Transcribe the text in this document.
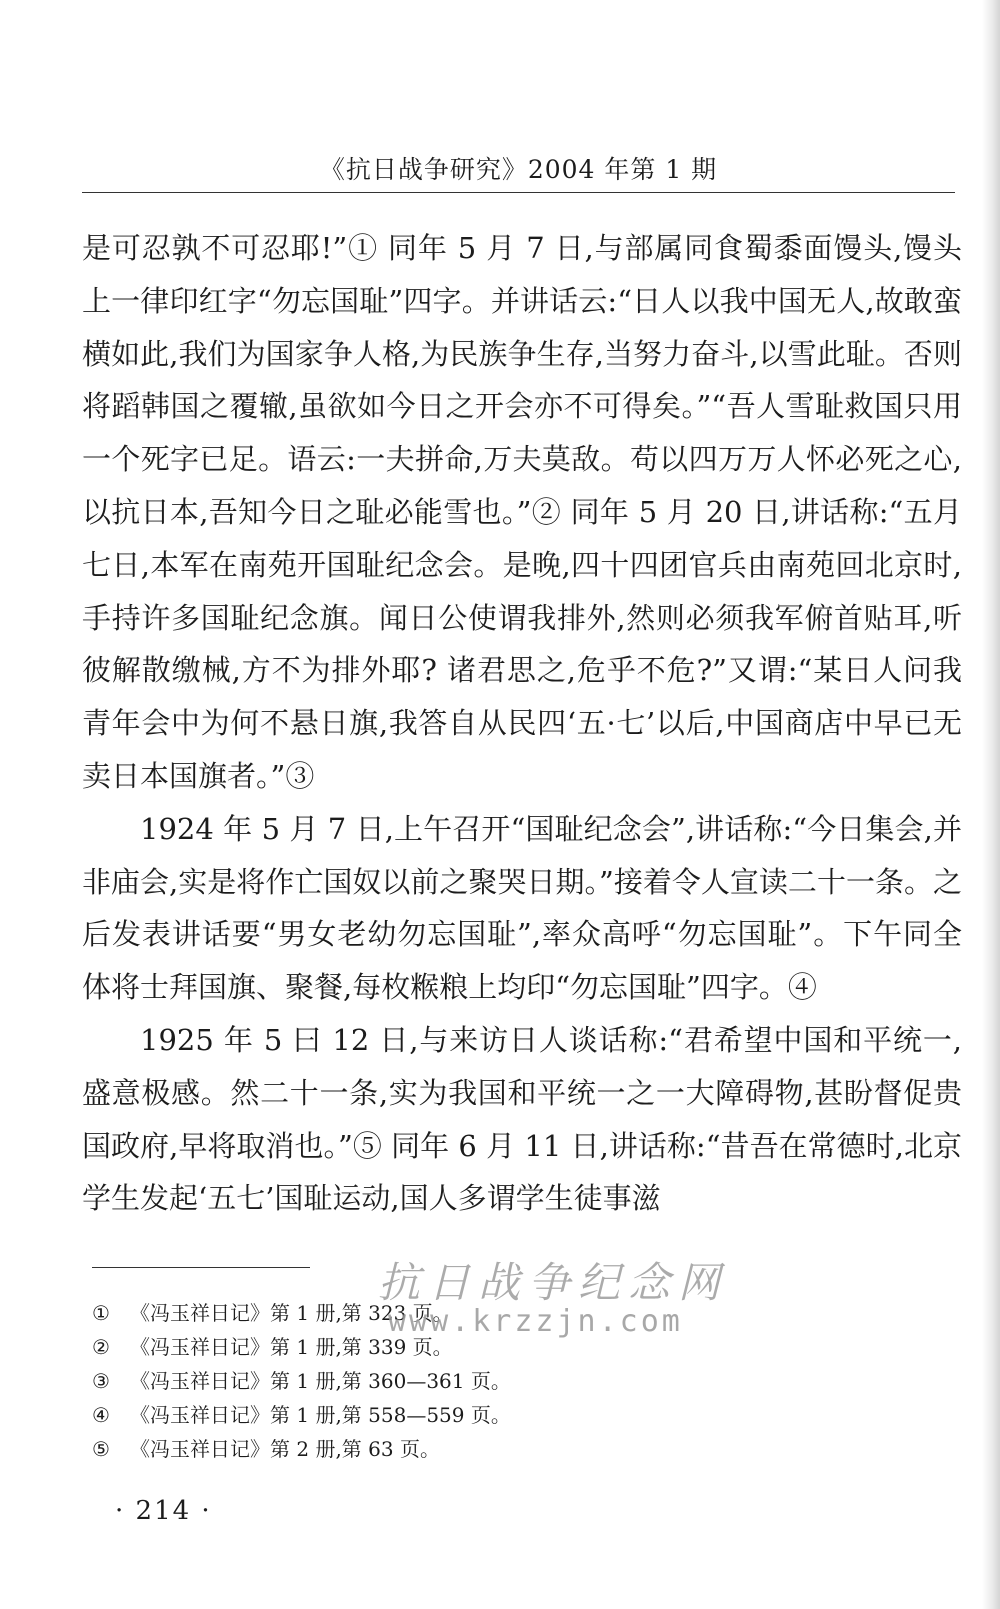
《抗日战争研究》2004 年第 1 期

是可忍孰不可忍耶!”① 同年 5 月 7 日,与部属同食蜀黍面馒头,馒头上一律印红字“勿忘国耻”四字。并讲话云:“日人以我中国无人,故敢蛮横如此,我们为国家争人格,为民族争生存,当努力奋斗,以雪此耻。否则将蹈韩国之覆辙,虽欲如今日之开会亦不可得矣。”“吾人雪耻救国只用一个死字已足。语云:一夫拼命,万夫莫敌。苟以四万万人怀必死之心,以抗日本,吾知今日之耻必能雪也。”② 同年 5 月 20 日,讲话称:“五月七日,本军在南苑开国耻纪念会。是晚,四十四团官兵由南苑回北京时,手持许多国耻纪念旗。闻日公使谓我排外,然则必须我军俯首贴耳,听彼解散缴械,方不为排外耶? 诸君思之,危乎不危?”又谓:“某日人问我青年会中为何不悬日旗,我答自从民四‘五·七’以后,中国商店中早已无卖日本国旗者。”③

1924 年 5 月 7 日,上午召开“国耻纪念会”,讲话称:“今日集会,并非庙会,实是将作亡国奴以前之聚哭日期。”接着令人宣读二十一条。之后发表讲话要“男女老幼勿忘国耻”,率众高呼“勿忘国耻”。下午同全体将士拜国旗、聚餐,每枚糇粮上均印“勿忘国耻”四字。④

1925 年 5 曰 12 日,与来访日人谈话称:“君希望中国和平统一,盛意极感。然二十一条,实为我国和平统一之一大障碍物,甚盼督促贵国政府,早将取消也。”⑤ 同年 6 月 11 日,讲话称:“昔吾在常德时,北京学生发起‘五七’国耻运动,国人多谓学生徒事滋

①	《冯玉祥日记》第 1 册,第 323 页。
②	《冯玉祥日记》第 1 册,第 339 页。
③	《冯玉祥日记》第 1 册,第 360—361 页。
④	《冯玉祥日记》第 1 册,第 558—559 页。
⑤	《冯玉祥日记》第 2 册,第 63 页。
抗日战争纪念网
www.krzzjn.com
· 214 ·
